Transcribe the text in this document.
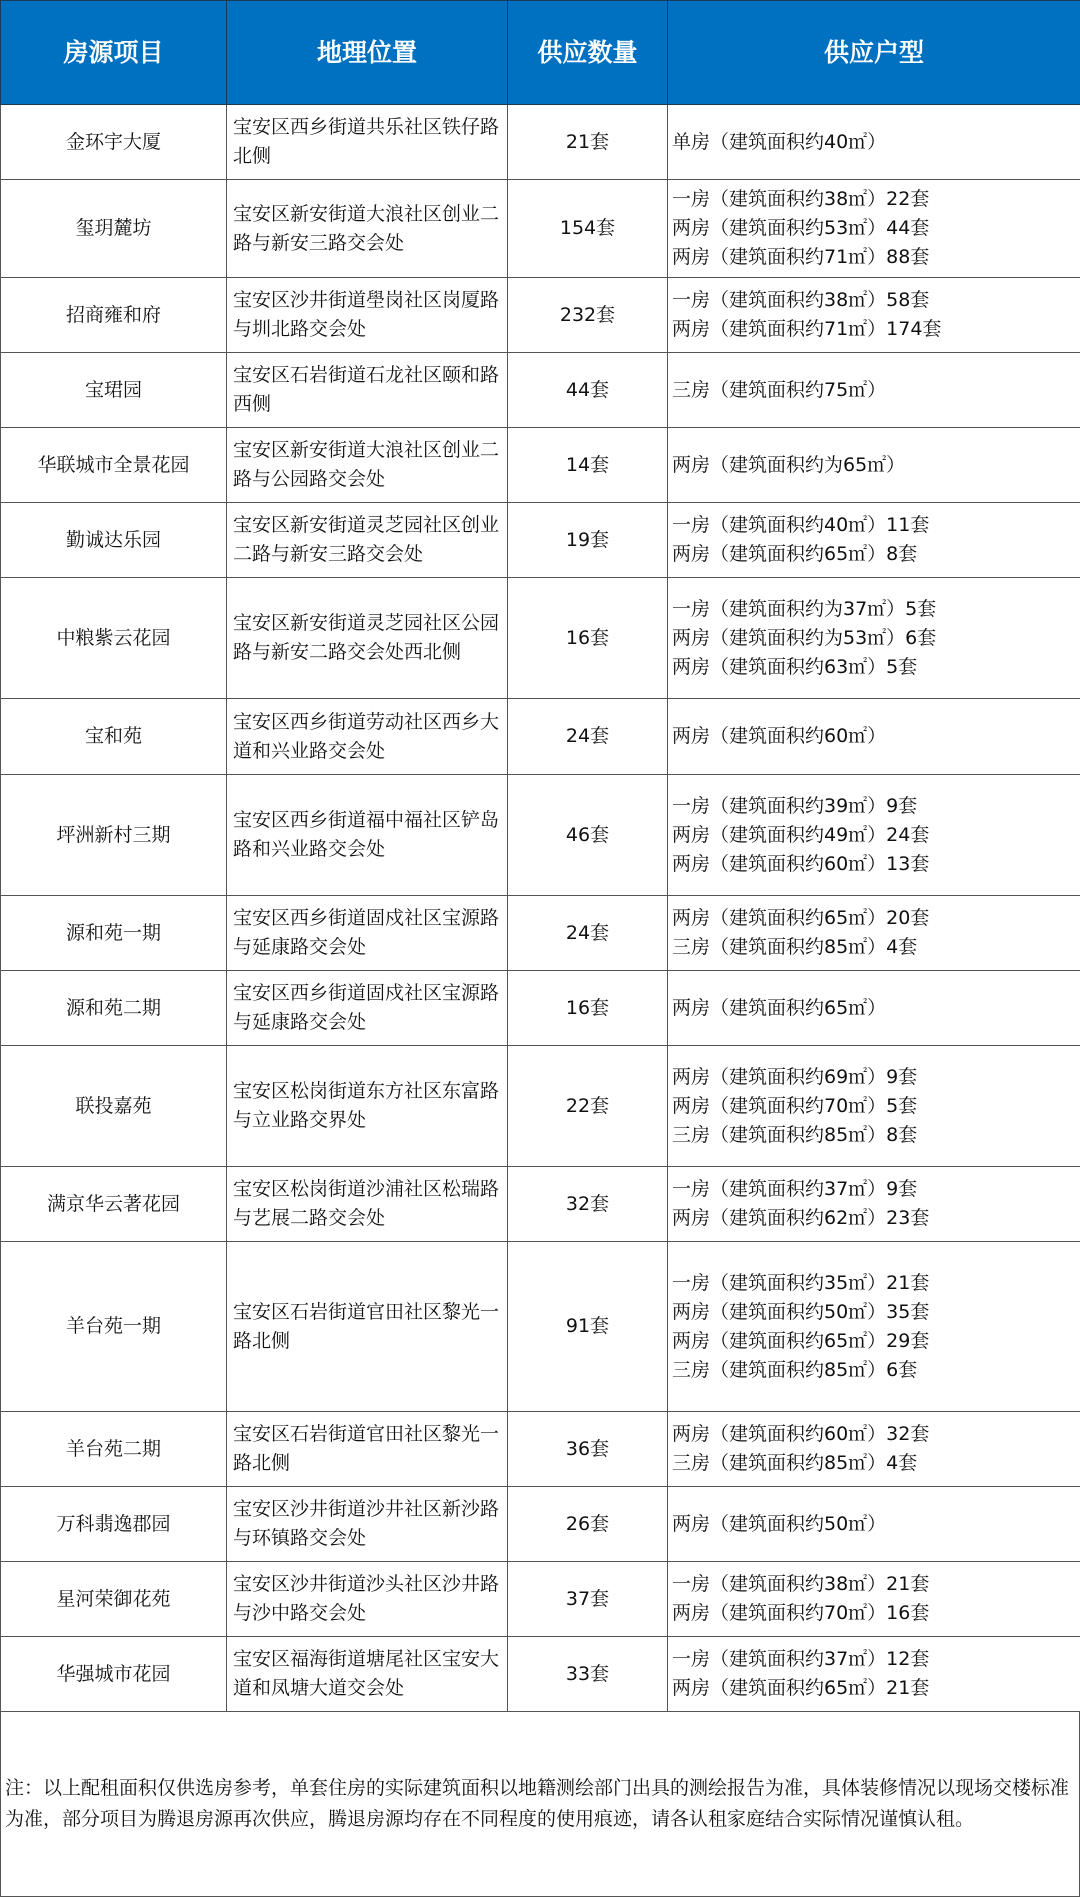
房源项目	地理位置	供应数量	供应户型
金环宇大厦	宝安区西乡街道共乐社区铁仔路北侧	21套	单房（建筑面积约40㎡）

玺玥麓坊	宝安区新安街道大浪社区创业二路与新安三路交会处	154套	一房（建筑面积约38㎡）22套
两房（建筑面积约53㎡）44套
两房（建筑面积约71㎡）88套

招商雍和府	宝安区沙井街道壆岗社区岗厦路与圳北路交会处	232套	一房（建筑面积约38㎡）58套
两房（建筑面积约71㎡）174套

宝珺园	宝安区石岩街道石龙社区颐和路西侧	44套	三房（建筑面积约75㎡）

华联城市全景花园	宝安区新安街道大浪社区创业二路与公园路交会处	14套	两房（建筑面积约为65㎡）

勤诚达乐园	宝安区新安街道灵芝园社区创业二路与新安三路交会处	19套	一房（建筑面积约40㎡）11套
两房（建筑面积约65㎡）8套

中粮紫云花园	宝安区新安街道灵芝园社区公园路与新安二路交会处西北侧	16套	一房（建筑面积约为37㎡）5套
两房（建筑面积约为53㎡）6套
两房（建筑面积约63㎡）5套

宝和苑	宝安区西乡街道劳动社区西乡大道和兴业路交会处	24套	两房（建筑面积约60㎡）

坪洲新村三期	宝安区西乡街道福中福社区铲岛路和兴业路交会处	46套	一房（建筑面积约39㎡）9套
两房（建筑面积约49㎡）24套
两房（建筑面积约60㎡）13套

源和苑一期	宝安区西乡街道固戍社区宝源路与延康路交会处	24套	两房（建筑面积约65㎡）20套
三房（建筑面积约85㎡）4套

源和苑二期	宝安区西乡街道固戍社区宝源路与延康路交会处	16套	两房（建筑面积约65㎡）

联投嘉苑	宝安区松岗街道东方社区东富路与立业路交界处	22套	两房（建筑面积约69㎡）9套
两房（建筑面积约70㎡）5套
三房（建筑面积约85㎡）8套

满京华云著花园	宝安区松岗街道沙浦社区松瑞路与艺展二路交会处	32套	一房（建筑面积约37㎡）9套
两房（建筑面积约62㎡）23套

羊台苑一期	宝安区石岩街道官田社区黎光一路北侧	91套	一房（建筑面积约35㎡）21套
两房（建筑面积约50㎡）35套
两房（建筑面积约65㎡）29套
三房（建筑面积约85㎡）6套

羊台苑二期	宝安区石岩街道官田社区黎光一路北侧	36套	两房（建筑面积约60㎡）32套
三房（建筑面积约85㎡）4套

万科翡逸郡园	宝安区沙井街道沙井社区新沙路与环镇路交会处	26套	两房（建筑面积约50㎡）

星河荣御花苑	宝安区沙井街道沙头社区沙井路与沙中路交会处	37套	一房（建筑面积约38㎡）21套
两房（建筑面积约70㎡）16套

华强城市花园	宝安区福海街道塘尾社区宝安大道和凤塘大道交会处	33套	一房（建筑面积约37㎡）12套
两房（建筑面积约65㎡）21套
注：以上配租面积仅供选房参考，单套住房的实际建筑面积以地籍测绘部门出具的测绘报告为准，具体装修情况以现场交楼标准为准，部分项目为腾退房源再次供应，腾退房源均存在不同程度的使用痕迹，请各认租家庭结合实际情况谨慎认租。
